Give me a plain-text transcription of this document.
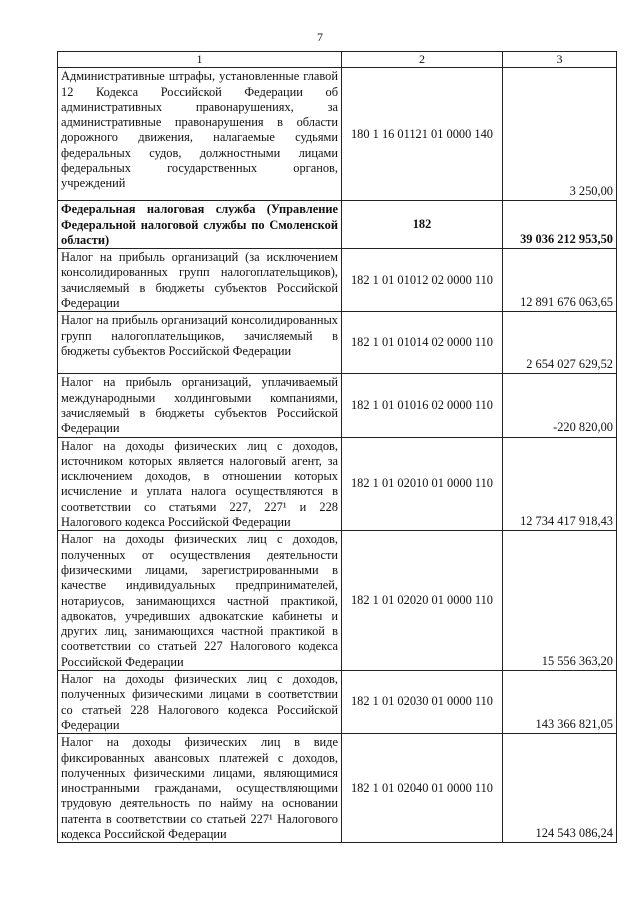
7
1	2	3
Административные штрафы, установленные главой 12 Кодекса Российской Федерации об административных правонарушениях, за административные правонарушения в области дорожного движения, налагаемые судьями федеральных судов, должностными лицами федеральных государственных органов, учреждений	180 1 16 01121 01 0000 140	3 250,00
Федеральная налоговая служба (Управление Федеральной налоговой службы по Смоленской области)	182	39 036 212 953,50
Налог на прибыль организаций (за исключением консолидированных групп налогоплательщиков), зачисляемый в бюджеты субъектов Российской Федерации	182 1 01 01012 02 0000 110	12 891 676 063,65
Налог на прибыль организаций консолидированных групп налогоплательщиков, зачисляемый в бюджеты субъектов Российской Федерации	182 1 01 01014 02 0000 110	2 654 027 629,52
Налог на прибыль организаций, уплачиваемый международными холдинговыми компаниями, зачисляемый в бюджеты субъектов Российской Федерации	182 1 01 01016 02 0000 110	-220 820,00
Налог на доходы физических лиц с доходов, источником которых является налоговый агент, за исключением доходов, в отношении которых исчисление и уплата налога осуществляются в соответствии со статьями 227, 227¹ и 228 Налогового кодекса Российской Федерации	182 1 01 02010 01 0000 110	12 734 417 918,43
Налог на доходы физических лиц с доходов, полученных от осуществления деятельности физическими лицами, зарегистрированными в качестве индивидуальных предпринимателей, нотариусов, занимающихся частной практикой, адвокатов, учредивших адвокатские кабинеты и других лиц, занимающихся частной практикой в соответствии со статьей 227 Налогового кодекса Российской Федерации	182 1 01 02020 01 0000 110	15 556 363,20
Налог на доходы физических лиц с доходов, полученных физическими лицами в соответствии со статьей 228 Налогового кодекса Российской Федерации	182 1 01 02030 01 0000 110	143 366 821,05
Налог на доходы физических лиц в виде фиксированных авансовых платежей с доходов, полученных физическими лицами, являющимися иностранными гражданами, осуществляющими трудовую деятельность по найму на основании патента в соответствии со статьей 227¹ Налогового кодекса Российской Федерации	182 1 01 02040 01 0000 110	124 543 086,24
